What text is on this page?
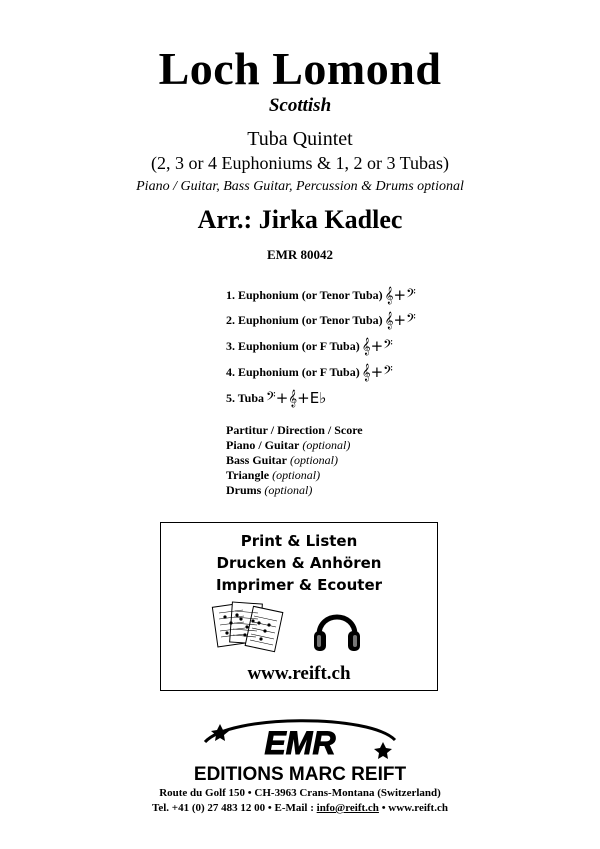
Loch Lomond
Scottish
Tuba Quintet
(2, 3 or 4 Euphoniums & 1, 2 or 3 Tubas)
Piano / Guitar, Bass Guitar, Percussion & Drums optional
Arr.: Jirka Kadlec
EMR 80042
1. Euphonium (or Tenor Tuba) 𝄞+𝄢
2. Euphonium (or Tenor Tuba) 𝄞+𝄢
3. Euphonium (or F Tuba) 𝄞+𝄢
4. Euphonium (or F Tuba) 𝄞+𝄢
5. Tuba 𝄢+𝄞+E♭
Partitur / Direction / Score
Piano / Guitar (optional)
Bass Guitar (optional)
Triangle (optional)
Drums (optional)
Print & Listen
Drucken & Anhören
Imprimer & Ecouter
www.reift.ch
EMR
EDITIONS MARC REIFT
Route du Golf 150 • CH-3963 Crans-Montana (Switzerland)
Tel. +41 (0) 27 483 12 00 • E-Mail : info@reift.ch • www.reift.ch
